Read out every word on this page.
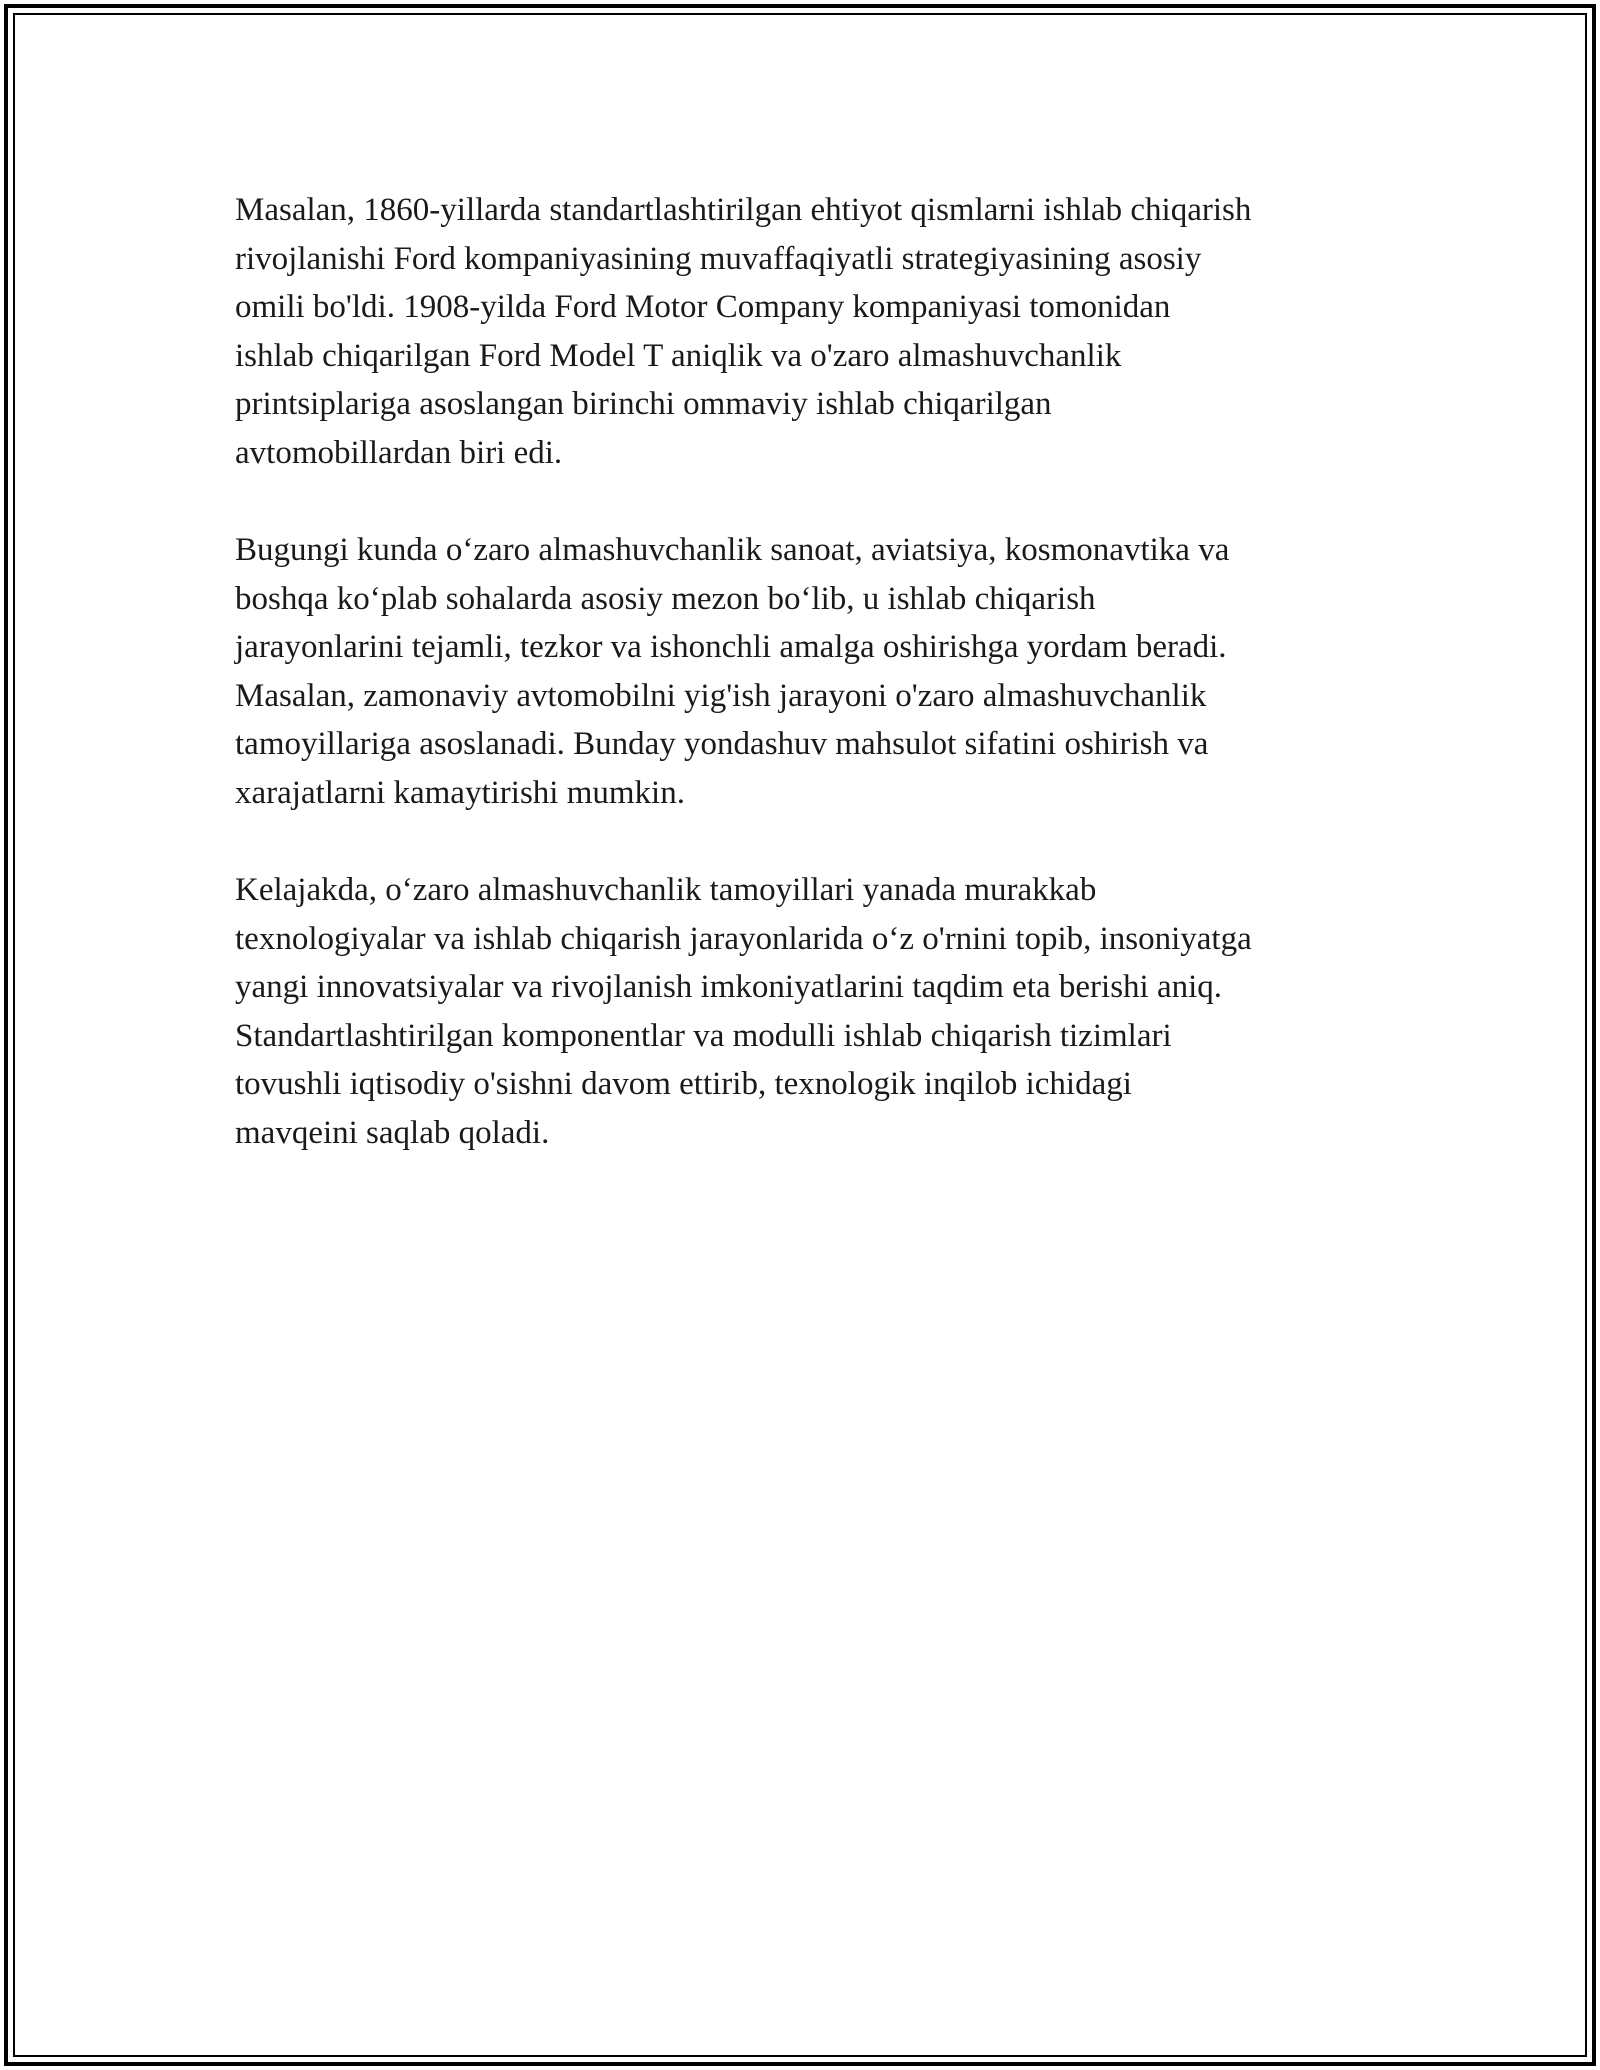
Masalan, 1860-yillarda standartlashtirilgan ehtiyot qismlarni ishlab chiqarish
rivojlanishi Ford kompaniyasining muvaffaqiyatli strategiyasining asosiy
omili bo'ldi. 1908-yilda Ford Motor Company kompaniyasi tomonidan
ishlab chiqarilgan Ford Model T aniqlik va o'zaro almashuvchanlik
printsiplariga asoslangan birinchi ommaviy ishlab chiqarilgan
avtomobillardan biri edi.

Bugungi kunda o‘zaro almashuvchanlik sanoat, aviatsiya, kosmonavtika va
boshqa ko‘plab sohalarda asosiy mezon bo‘lib, u ishlab chiqarish
jarayonlarini tejamli, tezkor va ishonchli amalga oshirishga yordam beradi.
Masalan, zamonaviy avtomobilni yig'ish jarayoni o'zaro almashuvchanlik
tamoyillariga asoslanadi. Bunday yondashuv mahsulot sifatini oshirish va
xarajatlarni kamaytirishi mumkin.

Kelajakda, o‘zaro almashuvchanlik tamoyillari yanada murakkab
texnologiyalar va ishlab chiqarish jarayonlarida o‘z o'rnini topib, insoniyatga
yangi innovatsiyalar va rivojlanish imkoniyatlarini taqdim eta berishi aniq.
Standartlashtirilgan komponentlar va modulli ishlab chiqarish tizimlari
tovushli iqtisodiy o'sishni davom ettirib, texnologik inqilob ichidagi
mavqeini saqlab qoladi.
